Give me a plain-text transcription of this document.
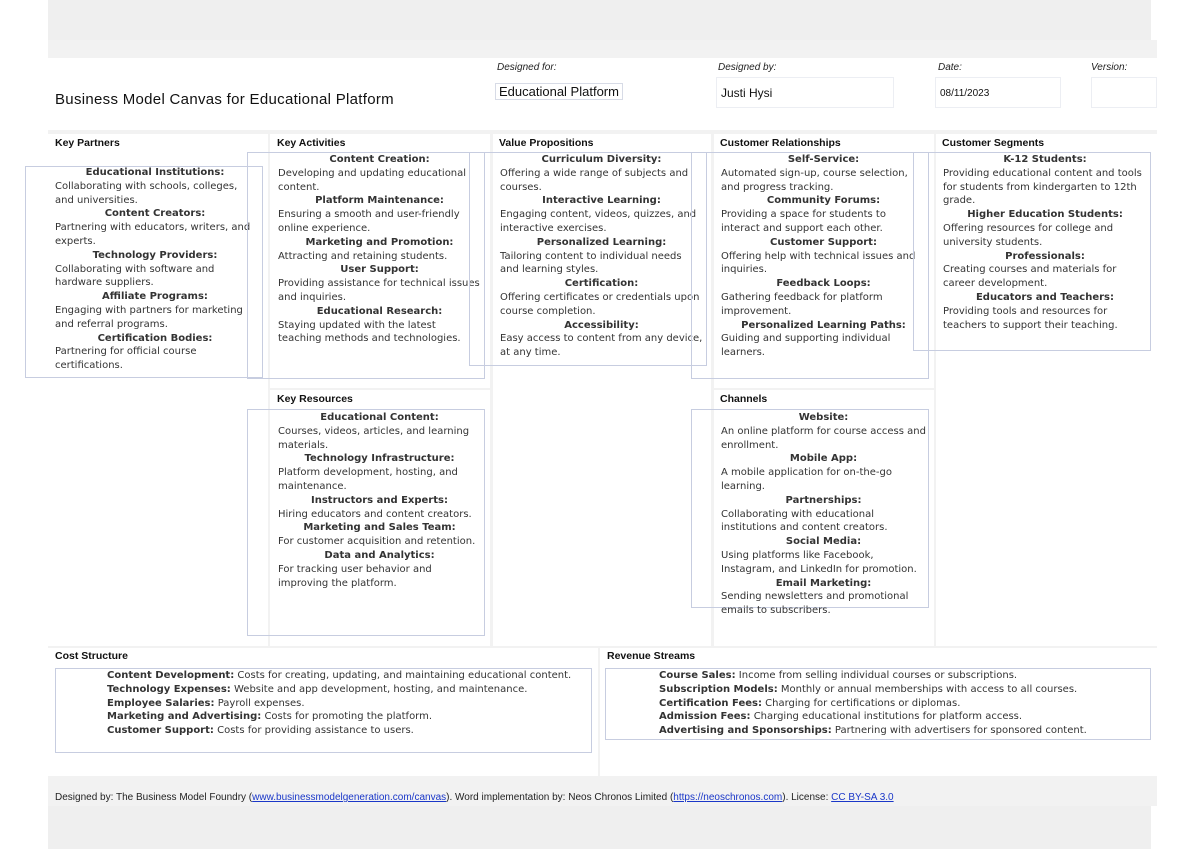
Business Model Canvas for Educational Platform
Designed for:
Educational Platform
Designed by:
Justi Hysi
Date:
08/11/2023
Version:
Key Partners	Key Activities	Value Propositions	Customer Relationships	Customer Segments
Key Resources	Channels
Cost Structure	Revenue Streams
Educational Institutions:
Collaborating with schools, colleges, and universities.
Content Creators:
Partnering with educators, writers, and experts.
Technology Providers:
Collaborating with software and hardware suppliers.
Affiliate Programs:
Engaging with partners for marketing and referral programs.
Certification Bodies:
Partnering for official course certifications.
Content Creation:
Developing and updating educational content.
Platform Maintenance:
Ensuring a smooth and user-friendly online experience.
Marketing and Promotion:
Attracting and retaining students.
User Support:
Providing assistance for technical issues and inquiries.
Educational Research:
Staying updated with the latest teaching methods and technologies.
Educational Content:
Courses, videos, articles, and learning materials.
Technology Infrastructure:
Platform development, hosting, and maintenance.
Instructors and Experts:
Hiring educators and content creators.
Marketing and Sales Team:
For customer acquisition and retention.
Data and Analytics:
For tracking user behavior and improving the platform.
Curriculum Diversity:
Offering a wide range of subjects and courses.
Interactive Learning:
Engaging content, videos, quizzes, and interactive exercises.
Personalized Learning:
Tailoring content to individual needs and learning styles.
Certification:
Offering certificates or credentials upon course completion.
Accessibility:
Easy access to content from any device, at any time.
Self-Service:
Automated sign-up, course selection, and progress tracking.
Community Forums:
Providing a space for students to interact and support each other.
Customer Support:
Offering help with technical issues and inquiries.
Feedback Loops:
Gathering feedback for platform improvement.
Personalized Learning Paths:
Guiding and supporting individual learners.
Website:
An online platform for course access and enrollment.
Mobile App:
A mobile application for on-the-go learning.
Partnerships:
Collaborating with educational institutions and content creators.
Social Media:
Using platforms like Facebook, Instagram, and LinkedIn for promotion.
Email Marketing:
Sending newsletters and promotional emails to subscribers.
K-12 Students:
Providing educational content and tools for students from kindergarten to 12th grade.
Higher Education Students:
Offering resources for college and university students.
Professionals:
Creating courses and materials for career development.
Educators and Teachers:
Providing tools and resources for teachers to support their teaching.
Content Development: Costs for creating, updating, and maintaining educational content.
Technology Expenses: Website and app development, hosting, and maintenance.
Employee Salaries: Payroll expenses.
Marketing and Advertising: Costs for promoting the platform.
Customer Support: Costs for providing assistance to users.
Course Sales: Income from selling individual courses or subscriptions.
Subscription Models: Monthly or annual memberships with access to all courses.
Certification Fees: Charging for certifications or diplomas.
Admission Fees: Charging educational institutions for platform access.
Advertising and Sponsorships: Partnering with advertisers for sponsored content.
Designed by: The Business Model Foundry (www.businessmodelgeneration.com/canvas). Word implementation by: Neos Chronos Limited (https://neoschronos.com). License: CC BY-SA 3.0
